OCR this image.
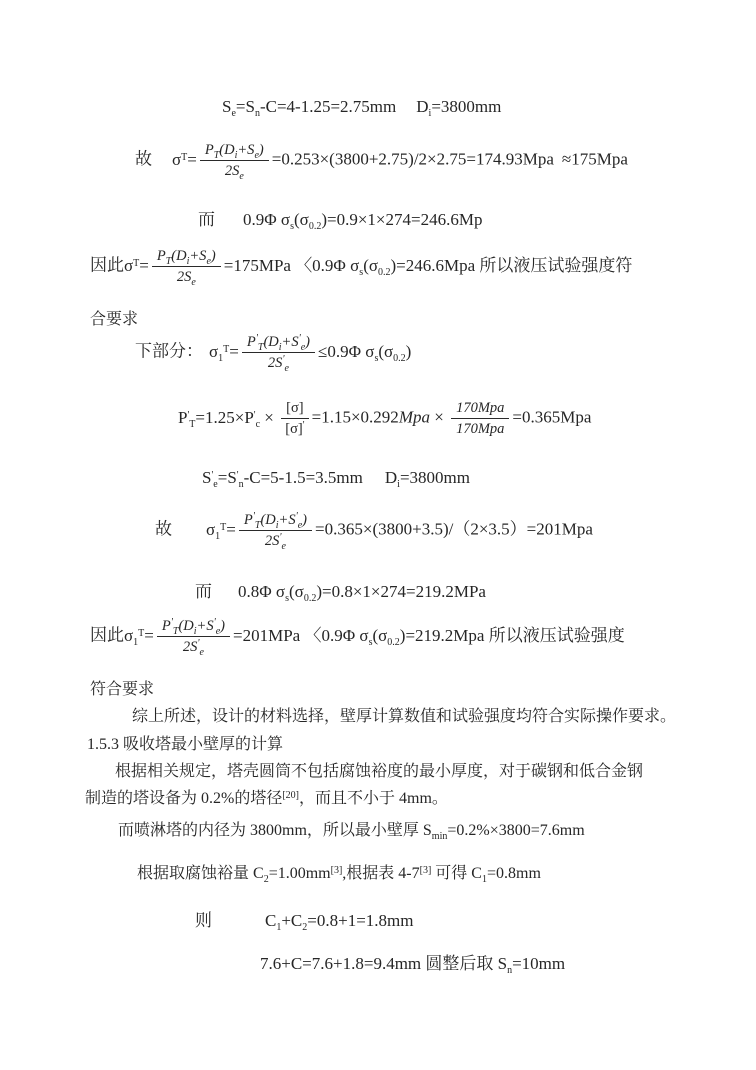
$S_e=S_n-C=4-1.25=2.75mm$ $D_i=3800mm$
故 $\sigma^T= \frac{P_T(D_i+S_e)}{2S_e} =0.253\times(3800+2.75)/2\times 2.75=174.93Mpa \approx 175Mpa$
而 0.9Φ $\sigma_s(\sigma_{0.2})=0.9\times 1\times 274=246.6Mp$
因此$\sigma^T= \frac{P_T(D_i+S_e)}{2S_e} =175MPa$ 〈0.9Φ $\sigma_s(\sigma_{0.2})=246.6Mpa$ 所以液压试验强度符
合要求
下部分： $\sigma_1^T= \frac{P'_T(D_i+S'_e)}{2S'_e} \le 0.9\Phi$ $\sigma_s(\sigma_{0.2})$
$P'_T=1.25\times P'_c \times \frac{[\sigma]}{[\sigma]'} =1.15\times 0.292Mpa \times \frac{\text{170Mpa}}{\text{170Mpa}} =0.365Mpa$
$S'_e=S'_n-C=5-1.5=3.5mm$ $D_i=3800mm$
故 $\sigma_1^T= \frac{P'_T(D_i+S'_e)}{2S'_e} =0.365\times(3800+3.5)/(2\times 3.5)=201Mpa$
而 0.8Φ $\sigma_s(\sigma_{0.2})=0.8\times 1\times 274=219.2MPa$
因此$\sigma_1^T= \frac{P'_T(D_i+S'_e)}{2S'_e} =201MPa$ 〈0.9Φ $\sigma_s(\sigma_{0.2})=219.2Mpa$ 所以液压试验强度
符合要求
综上所述，设计的材料选择，壁厚计算数值和试验强度均符合实际操作要求。
1.5.3 吸收塔最小壁厚的计算
根据相关规定，塔壳圆筒不包括腐蚀裕度的最小厚度，对于碳钢和低合金钢
制造的塔设备为 0.2%的塔径[20]，而且不小于 4mm。
而喷淋塔的内径为 3800mm，所以最小壁厚 $S_{min}=0.2\%\times 3800=7.6mm$
根据取腐蚀裕量 $C_2=1.00mm[3]$,根据表 4-7[3] 可得 $C_1=0.8mm$
则	$C_1+C_2=0.8+1=1.8mm$
7.6+C=7.6+1.8=9.4mm 圆整后取 $S_n=10mm$
